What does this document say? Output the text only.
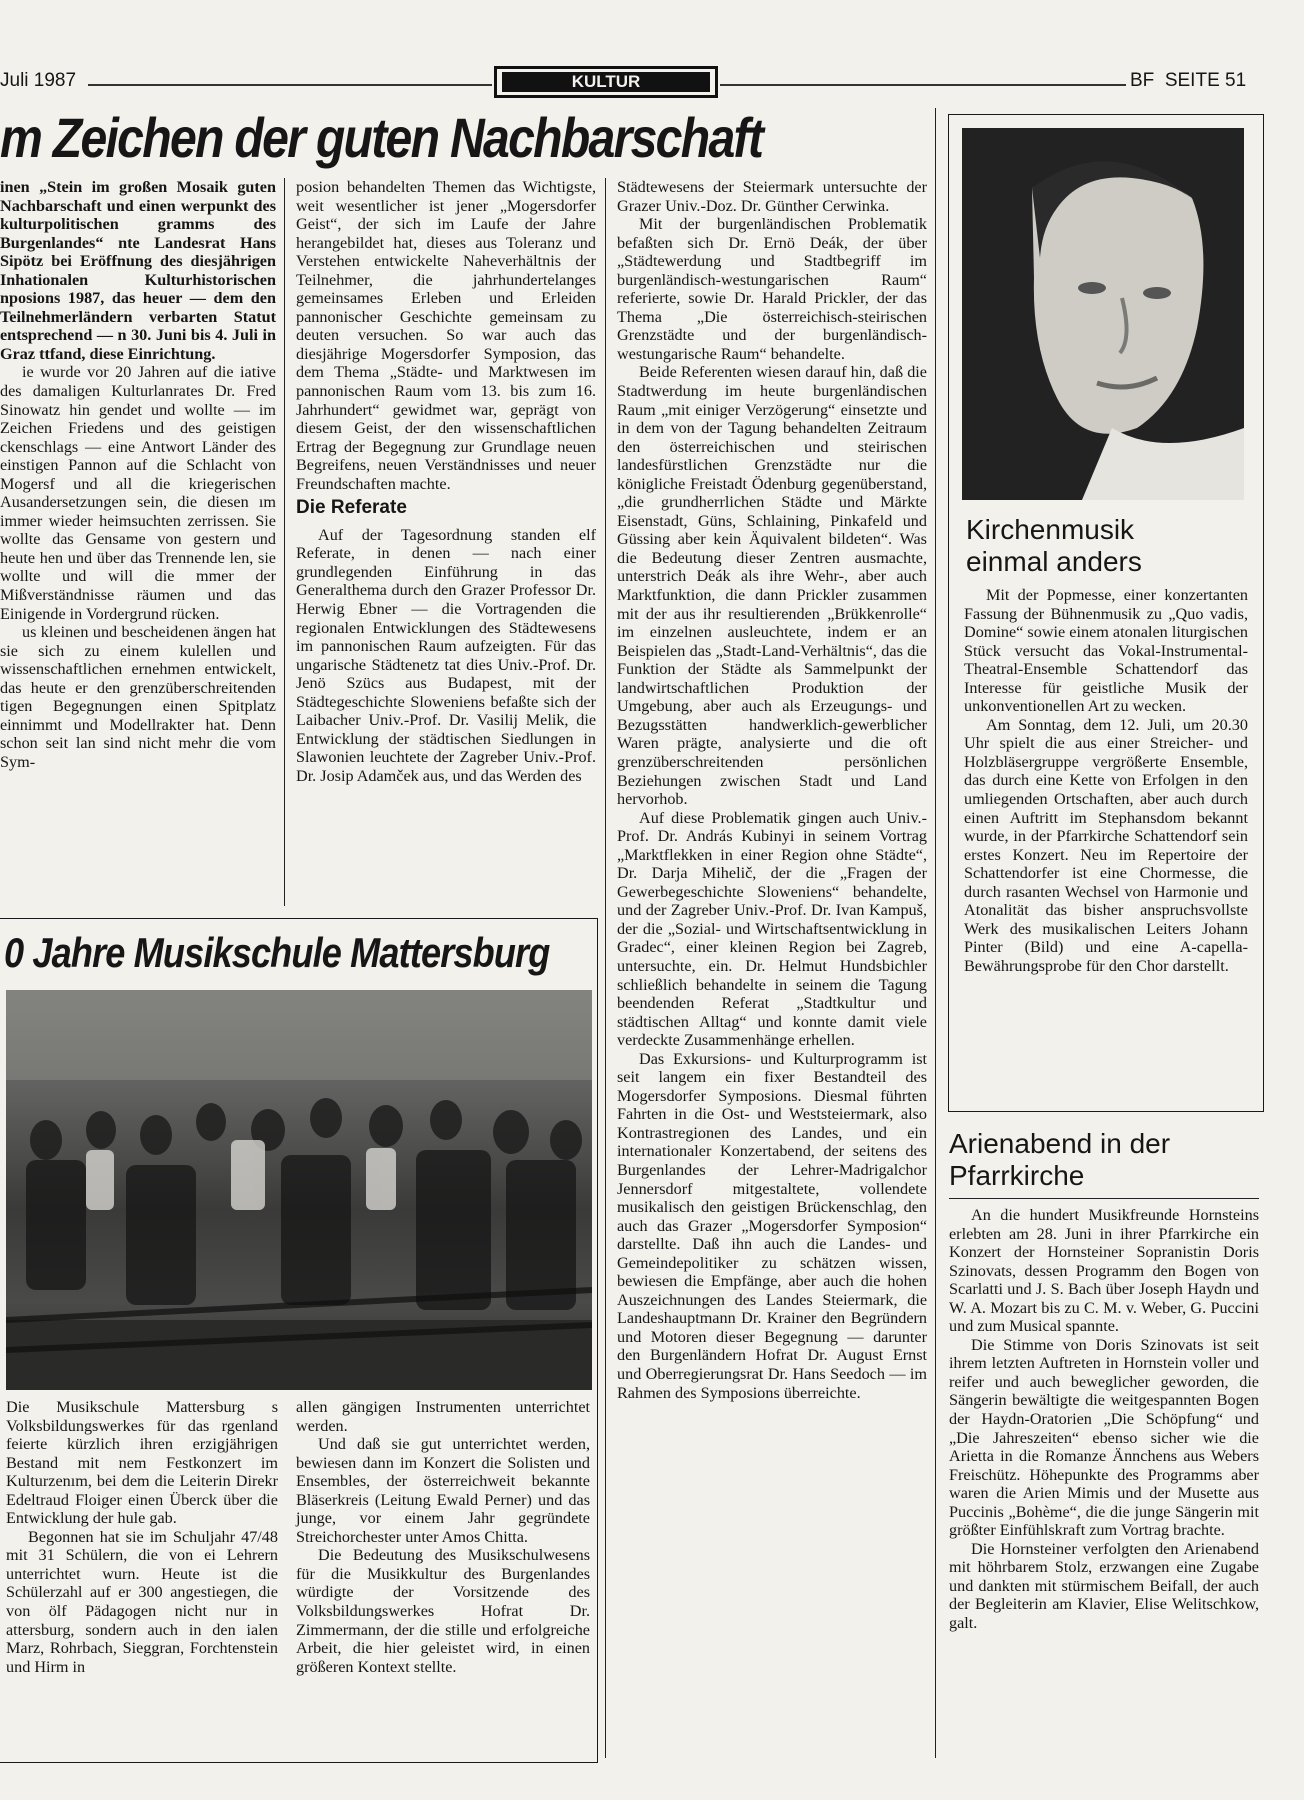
Juli 1987	KULTUR	BF  SEITE 51
m Zeichen der guten Nachbarschaft

inen „Stein im großen Mosaik guten Nachbarschaft und einen werpunkt des kulturpolitischen gramms des Burgenlandes“ nte Landesrat Hans Sipötz bei Eröffnung des diesjährigen Inhationalen Kulturhistorischen nposions 1987, das heuer — dem den Teilnehmerländern verbarten Statut entsprechend — n 30. Juni bis 4. Juli in Graz ttfand, diese Einrichtung.

ie wurde vor 20 Jahren auf die iative des damaligen Kulturlanrates Dr. Fred Sinowatz hin gendet und wollte — im Zeichen Friedens und des geistigen ckenschlags — eine Antwort Länder des einstigen Pannon auf die Schlacht von Mogersf und all die kriegerischen Ausandersetzungen sein, die diesen ım immer wieder heimsuchten zerrissen. Sie wollte das Gensame von gestern und heute hen und über das Trennende len, sie wollte und will die mmer der Mißverständnisse räumen und das Einigende in Vordergrund rücken.

us kleinen und bescheidenen ängen hat sie sich zu einem kulellen und wissenschaftlichen ernehmen entwickelt, das heute er den grenzüberschreitenden tigen Begegnungen einen Spitplatz einnimmt und Modellrakter hat. Denn schon seit lan sind nicht mehr die vom Sym-

posion behandelten Themen das Wichtigste, weit wesentlicher ist jener „Mogersdorfer Geist“, der sich im Laufe der Jahre herangebildet hat, dieses aus Toleranz und Verstehen entwickelte Naheverhältnis der Teilnehmer, die jahrhundertelanges gemeinsames Erleben und Erleiden pannonischer Geschichte gemeinsam zu deuten versuchen. So war auch das diesjährige Mogersdorfer Symposion, das dem Thema „Städte- und Marktwesen im pannonischen Raum vom 13. bis zum 16. Jahrhundert“ gewidmet war, geprägt von diesem Geist, der den wissenschaftlichen Ertrag der Begegnung zur Grundlage neuen Begreifens, neuen Verständnisses und neuer Freundschaften machte.

Die Referate

Auf der Tagesordnung standen elf Referate, in denen — nach einer grundlegenden Einführung in das Generalthema durch den Grazer Professor Dr. Herwig Ebner — die Vortragenden die regionalen Entwicklungen des Städtewesens im pannonischen Raum aufzeigten. Für das ungarische Städtenetz tat dies Univ.-Prof. Dr. Jenö Szücs aus Budapest, mit der Städtegeschichte Sloweniens befaßte sich der Laibacher Univ.-Prof. Dr. Vasilij Melik, die Entwicklung der städtischen Siedlungen in Slawonien leuchtete der Zagreber Univ.-Prof. Dr. Josip Adamček aus, und das Werden des

Städtewesens der Steiermark untersuchte der Grazer Univ.-Doz. Dr. Günther Cerwinka.

Mit der burgenländischen Problematik befaßten sich Dr. Ernö Deák, der über „Städtewerdung und Stadtbegriff im burgenländisch-westungarischen Raum“ referierte, sowie Dr. Harald Prickler, der das Thema „Die österreichisch-steirischen Grenzstädte und der burgenländisch-westungarische Raum“ behandelte.

Beide Referenten wiesen darauf hin, daß die Stadtwerdung im heute burgenländischen Raum „mit einiger Verzögerung“ einsetzte und in dem von der Tagung behandelten Zeitraum den österreichischen und steirischen landesfürstlichen Grenzstädte nur die königliche Freistadt Ödenburg gegenüberstand, „die grundherrlichen Städte und Märkte Eisenstadt, Güns, Schlaining, Pinkafeld und Güssing aber kein Äquivalent bildeten“. Was die Bedeutung dieser Zentren ausmachte, unterstrich Deák als ihre Wehr-, aber auch Marktfunktion, die dann Prickler zusammen mit der aus ihr resultierenden „Brükkenrolle“ im einzelnen ausleuchtete, indem er an Beispielen das „Stadt-Land-Verhältnis“, das die Funktion der Städte als Sammelpunkt der landwirtschaftlichen Produktion der Umgebung, aber auch als Erzeugungs- und Bezugsstätten handwerklich-gewerblicher Waren prägte, analysierte und die oft grenzüberschreitenden persönlichen Beziehungen zwischen Stadt und Land hervorhob.

Auf diese Problematik gingen auch Univ.-Prof. Dr. András Kubinyi in seinem Vortrag „Marktflekken in einer Region ohne Städte“, Dr. Darja Mihelič, der die „Fragen der Gewerbegeschichte Sloweniens“ behandelte, und der Zagreber Univ.-Prof. Dr. Ivan Kampuš, der die „Sozial- und Wirtschaftsentwicklung in Gradec“, einer kleinen Region bei Zagreb, untersuchte, ein. Dr. Helmut Hundsbichler schließlich behandelte in seinem die Tagung beendenden Referat „Stadtkultur und städtischen Alltag“ und konnte damit viele verdeckte Zusammenhänge erhellen.

Das Exkursions- und Kulturprogramm ist seit langem ein fixer Bestandteil des Mogersdorfer Symposions. Diesmal führten Fahrten in die Ost- und Weststeiermark, also Kontrastregionen des Landes, und ein internationaler Konzertabend, der seitens des Burgenlandes der Lehrer-Madrigalchor Jennersdorf mitgestaltete, vollendete musikalisch den geistigen Brückenschlag, den auch das Grazer „Mogersdorfer Symposion“ darstellte. Daß ihn auch die Landes- und Gemeindepolitiker zu schätzen wissen, bewiesen die Empfänge, aber auch die hohen Auszeichnungen des Landes Steiermark, die Landeshauptmann Dr. Krainer den Begründern und Motoren dieser Begegnung — darunter den Burgenländern Hofrat Dr. August Ernst und Oberregierungsrat Dr. Hans Seedoch — im Rahmen des Symposions überreichte.

0 Jahre Musikschule Mattersburg

Die Musikschule Mattersburg s Volksbildungswerkes für das rgenland feierte kürzlich ihren erzigjährigen Bestand mit nem Festkonzert im Kulturzenım, bei dem die Leiterin Direkr Edeltraud Floiger einen Überck über die Entwicklung der hule gab.

Begonnen hat sie im Schuljahr 47/48 mit 31 Schülern, die von ei Lehrern unterrichtet wurn. Heute ist die Schülerzahl auf er 300 angestiegen, die von ölf Pädagogen nicht nur in attersburg, sondern auch in den ialen Marz, Rohrbach, Sieggran, Forchtenstein und Hirm in

allen gängigen Instrumenten unterrichtet werden.

Und daß sie gut unterrichtet werden, bewiesen dann im Konzert die Solisten und Ensembles, der österreichweit bekannte Bläserkreis (Leitung Ewald Perner) und das junge, vor einem Jahr gegründete Streichorchester unter Amos Chitta.

Die Bedeutung des Musikschulwesens für die Musikkultur des Burgenlandes würdigte der Vorsitzende des Volksbildungswerkes Hofrat Dr. Zimmermann, der die stille und erfolgreiche Arbeit, die hier geleistet wird, in einen größeren Kontext stellte.

Kirchenmusik einmal anders

Mit der Popmesse, einer konzertanten Fassung der Bühnenmusik zu „Quo vadis, Domine“ sowie einem atonalen liturgischen Stück versucht das Vokal-Instrumental-Theatral-Ensemble Schattendorf das Interesse für geistliche Musik der unkonventionellen Art zu wecken.

Am Sonntag, dem 12. Juli, um 20.30 Uhr spielt die aus einer Streicher- und Holzbläsergruppe vergrößerte Ensemble, das durch eine Kette von Erfolgen in den umliegenden Ortschaften, aber auch durch einen Auftritt im Stephansdom bekannt wurde, in der Pfarrkirche Schattendorf sein erstes Konzert. Neu im Repertoire der Schattendorfer ist eine Chormesse, die durch rasanten Wechsel von Harmonie und Atonalität das bisher anspruchsvollste Werk des musikalischen Leiters Johann Pinter (Bild) und eine A-capella-Bewährungsprobe für den Chor darstellt.

Arienabend in der Pfarrkirche

An die hundert Musikfreunde Hornsteins erlebten am 28. Juni in ihrer Pfarrkirche ein Konzert der Hornsteiner Sopranistin Doris Szinovats, dessen Programm den Bogen von Scarlatti und J. S. Bach über Joseph Haydn und W. A. Mozart bis zu C. M. v. Weber, G. Puccini und zum Musical spannte.

Die Stimme von Doris Szinovats ist seit ihrem letzten Auftreten in Hornstein voller und reifer und auch beweglicher geworden, die Sängerin bewältigte die weitgespannten Bogen der Haydn-Oratorien „Die Schöpfung“ und „Die Jahreszeiten“ ebenso sicher wie die Arietta in die Romanze Ännchens aus Webers Freischütz. Höhepunkte des Programms aber waren die Arien Mimis und der Musette aus Puccinis „Bohème“, die die junge Sängerin mit größter Einfühlskraft zum Vortrag brachte.

Die Hornsteiner verfolgten den Arienabend mit höhrbarem Stolz, erzwangen eine Zugabe und dankten mit stürmischem Beifall, der auch der Begleiterin am Klavier, Elise Welitschkow, galt.
